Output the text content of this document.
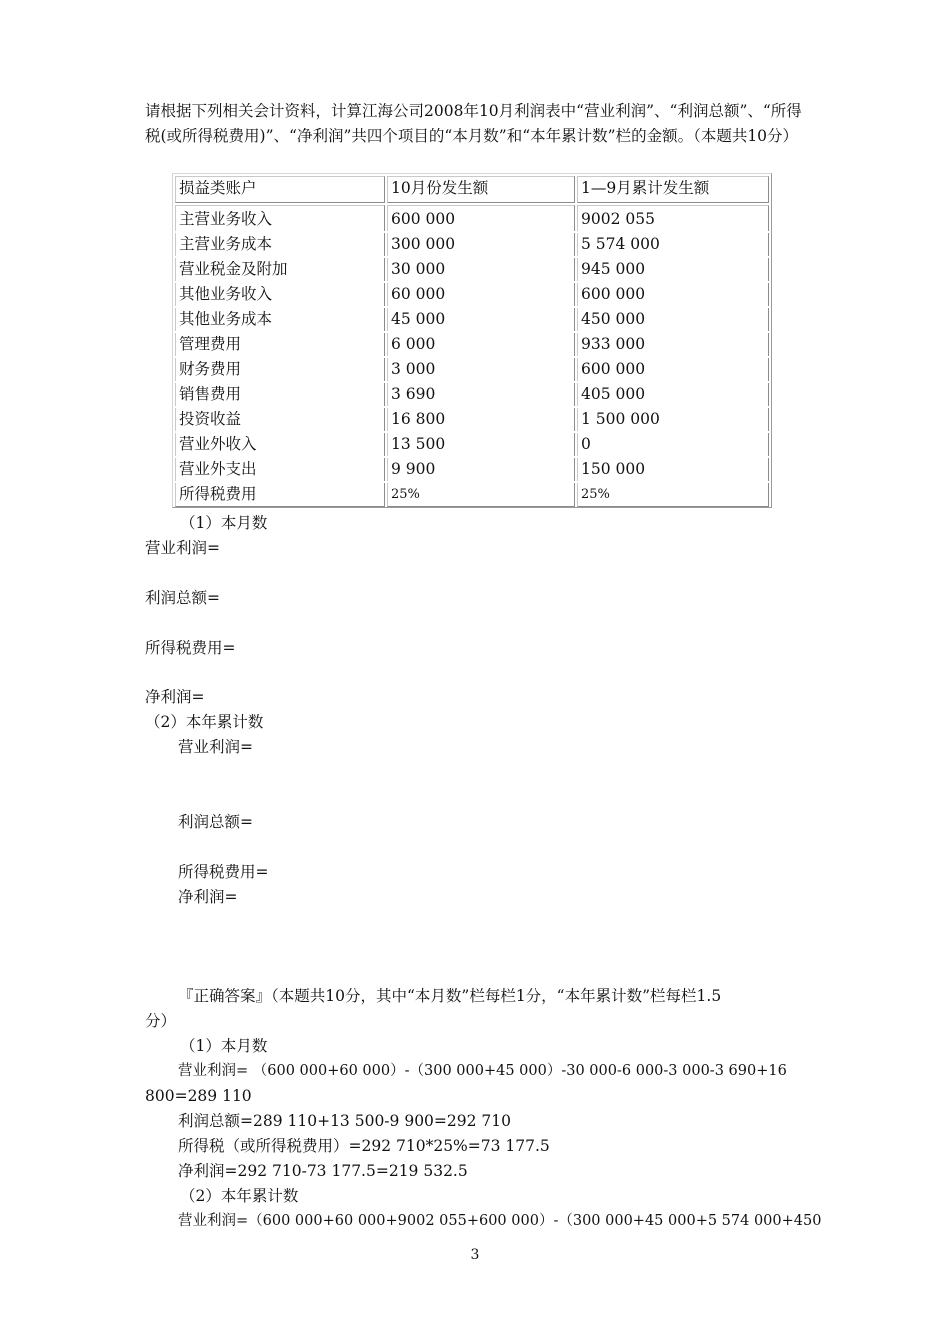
请根据下列相关会计资料，计算江海公司2008年10月利润表中“营业利润”、“利润总额”、“所得税(或所得税费用)”、“净利润”共四个项目的“本月数”和“本年累计数”栏的金额。（本题共10分）
损益类账户	10月份发生额	1—9月累计发生额
主营业务收入	600 000	9002 055
主营业务成本	300 000	5 574 000
营业税金及附加	30 000	945 000
其他业务收入	60 000	600 000
其他业务成本	45 000	450 000
管理费用	6 000	933 000
财务费用	3 000	600 000
销售费用	3 690	405 000
投资收益	16 800	1 500 000
营业外收入	13 500	0
营业外支出	9 900	150 000
所得税费用	25%	25%
（1）本月数
营业利润=
利润总额=
所得税费用=
净利润=
（2）本年累计数
营业利润=
利润总额=
所得税费用=
净利润=
『正确答案』（本题共10分，其中“本月数”栏每栏1分，“本年累计数”栏每栏1.5
分）
（1）本月数
营业利润= （600 000+60 000）-（300 000+45 000）-30 000-6 000-3 000-3 690+16
800=289 110
利润总额=289 110+13 500-9 900=292 710
所得税（或所得税费用）=292 710*25%=73 177.5
净利润=292 710-73 177.5=219 532.5
（2）本年累计数
营业利润=（600 000+60 000+9002 055+600 000）-（300 000+45 000+5 574 000+450
3
